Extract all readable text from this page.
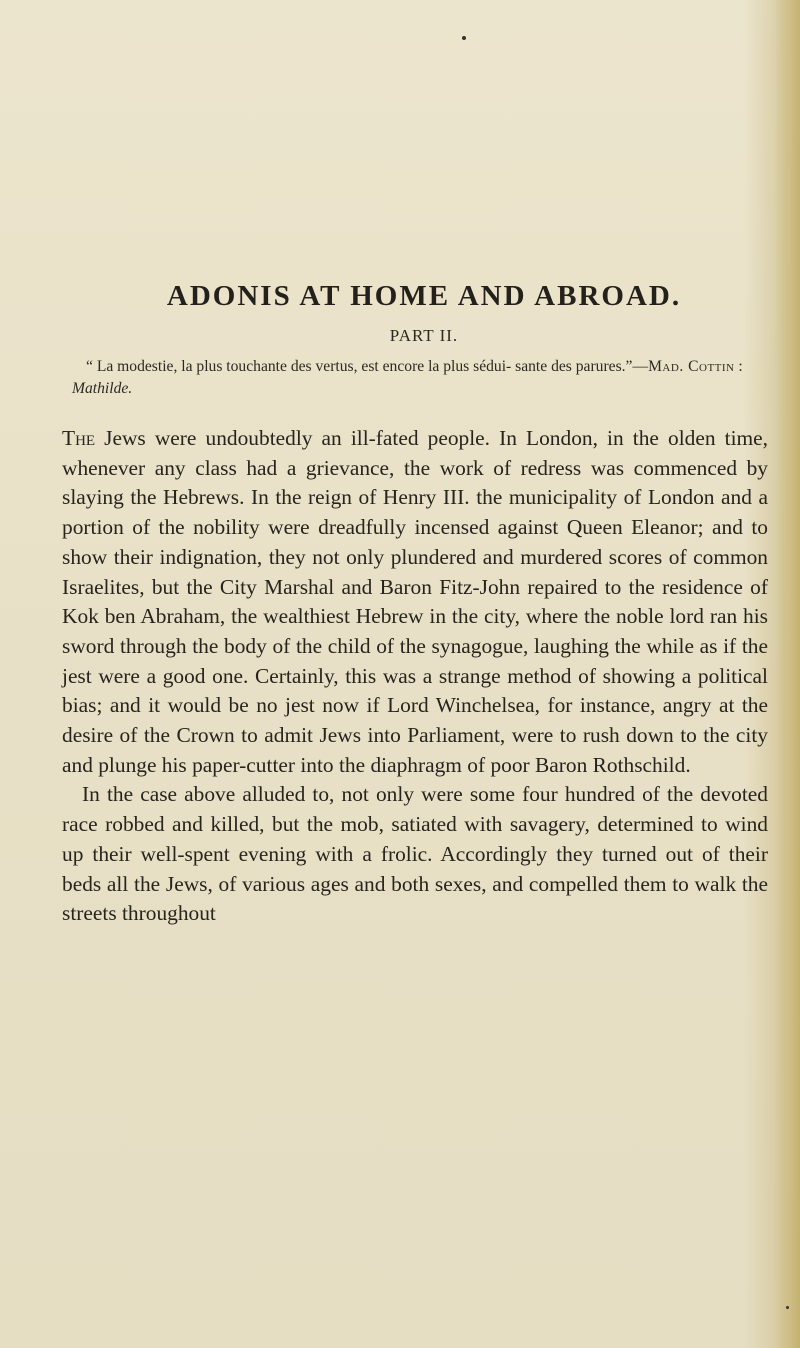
ADONIS AT HOME AND ABROAD.
PART II.

“ La modestie, la plus touchante des vertus, est encore la plus sédui- sante des parures.”—Mad. Cottin : Mathilde.

The Jews were undoubtedly an ill-fated people. In London, in the olden time, whenever any class had a grievance, the work of redress was commenced by slaying the Hebrews. In the reign of Henry III. the municipality of London and a portion of the nobility were dreadfully incensed against Queen Eleanor; and to show their indignation, they not only plundered and murdered scores of common Israelites, but the City Marshal and Baron Fitz-John repaired to the residence of Kok ben Abraham, the wealthiest Hebrew in the city, where the noble lord ran his sword through the body of the child of the synagogue, laughing the while as if the jest were a good one. Certainly, this was a strange method of showing a political bias; and it would be no jest now if Lord Winchelsea, for instance, angry at the desire of the Crown to admit Jews into Parliament, were to rush down to the city and plunge his paper-cutter into the diaphragm of poor Baron Rothschild.

In the case above alluded to, not only were some four hundred of the devoted race robbed and killed, but the mob, satiated with savagery, determined to wind up their well-spent evening with a frolic. Accordingly they turned out of their beds all the Jews, of various ages and both sexes, and compelled them to walk the streets throughout
